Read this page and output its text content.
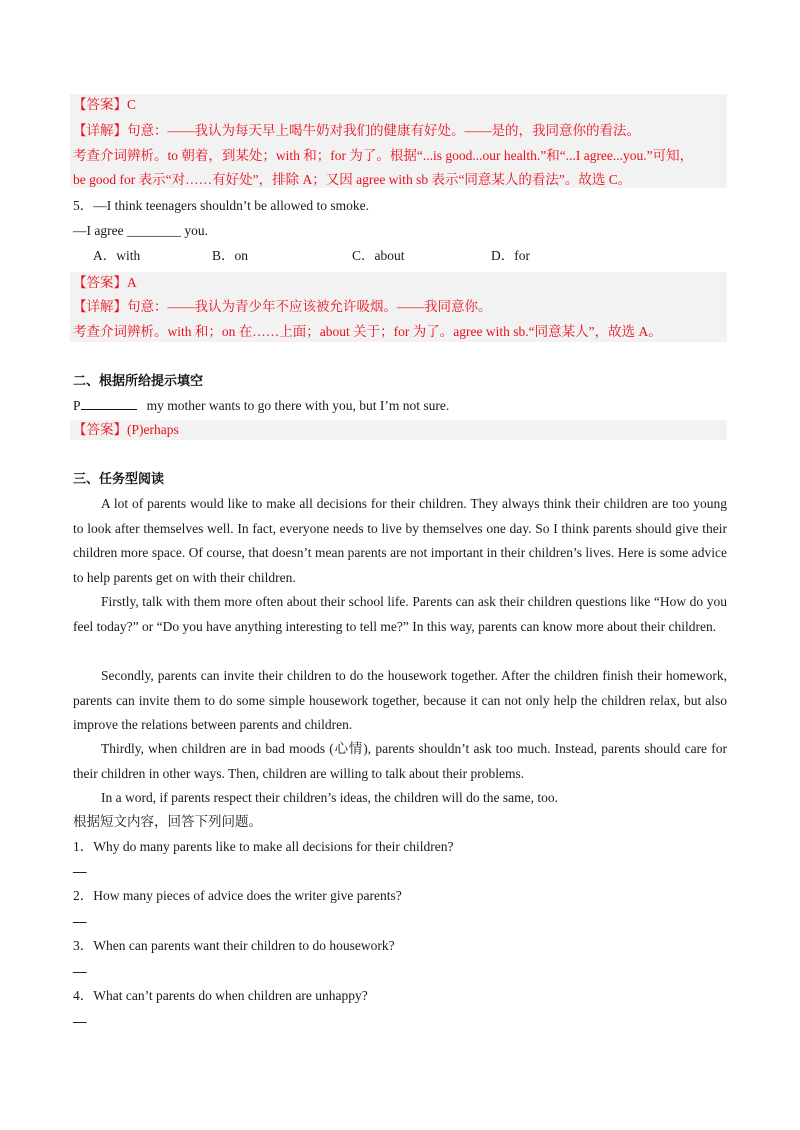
【答案】C
【详解】句意：——我认为每天早上喝牛奶对我们的健康有好处。——是的，我同意你的看法。
考查介词辨析。to 朝着，到某处；with 和；for 为了。根据“...is good...our health.”和“...I agree...you.”可知，
be good for 表示“对……有好处”，排除 A；又因 agree with sb 表示“同意某人的看法”。故选 C。
5．—I think teenagers shouldn’t be allowed to smoke.
—I agree ________ you.
A．with	B．on	C．about	D．for
【答案】A
【详解】句意：——我认为青少年不应该被允许吸烟。——我同意你。
考查介词辨析。with 和；on 在……上面；about 关于；for 为了。agree with sb.“同意某人”，故选 A。
二、根据所给提示填空
P	my mother wants to go there with you, but I’m not sure.
【答案】(P)erhaps
三、任务型阅读
A lot of parents would like to make all decisions for their children. They always think their children are too young to look after themselves well. In fact, everyone needs to live by themselves one day. So I think parents should give their children more space. Of course, that doesn’t mean parents are not important in their children’s lives. Here is some advice to help parents get on with their children.
Firstly, talk with them more often about their school life. Parents can ask their children questions like “How do you feel today?” or “Do you have anything interesting to tell me?” In this way, parents can know more about their children.
Secondly, parents can invite their children to do the housework together. After the children finish their homework, parents can invite them to do some simple housework together, because it can not only help the children relax, but also improve the relations between parents and children.
Thirdly, when children are in bad moods (心情), parents shouldn’t ask too much. Instead, parents should care for their children in other ways. Then, children are willing to talk about their problems.
In a word, if parents respect their children’s ideas, the children will do the same, too.
根据短文内容，回答下列问题。
1．Why do many parents like to make all decisions for their children?
__
2．How many pieces of advice does the writer give parents?
__
3．When can parents want their children to do housework?
__
4．What can’t parents do when children are unhappy?
__
